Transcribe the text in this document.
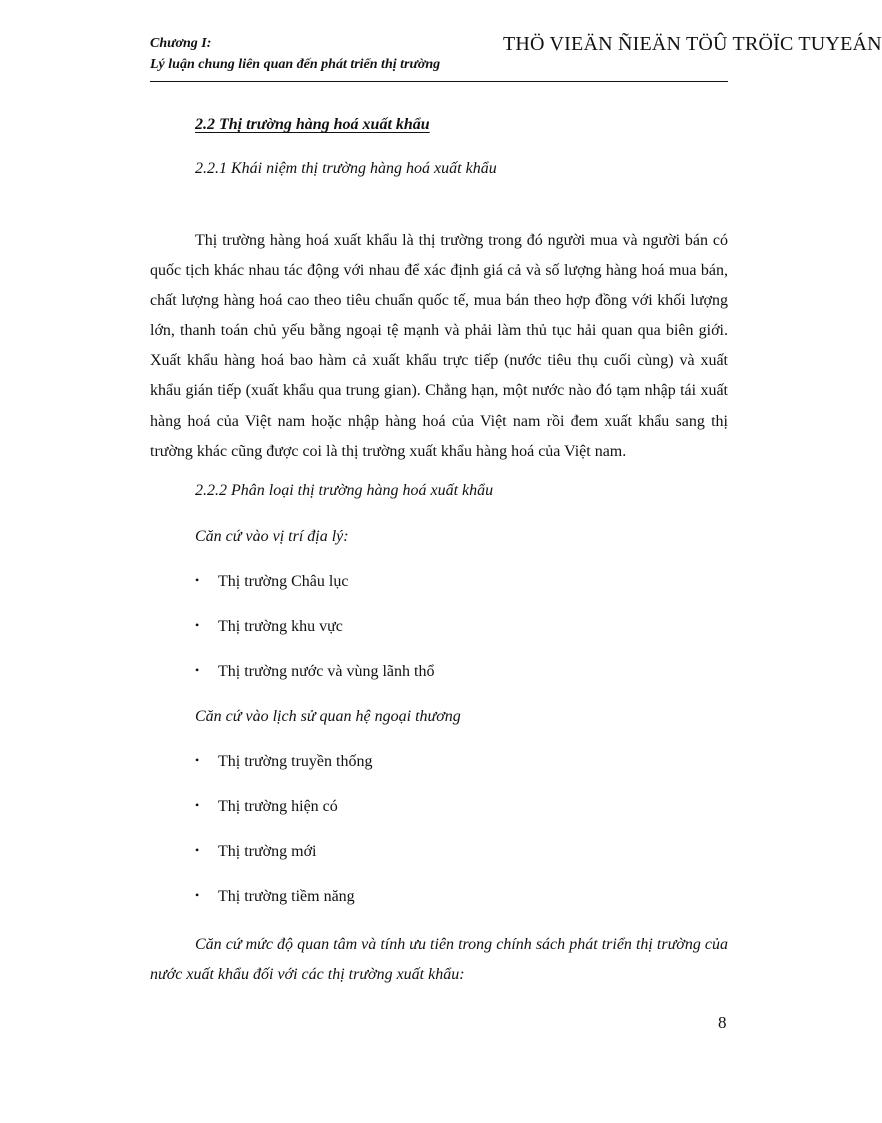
Chương I:
Lý luận chung liên quan đến phát triển thị trường
THÖ VIEÄN ÑIEÄN TÖÛ TRÖÏC TUYEÁN
2.2 Thị trường hàng hoá xuất khẩu
2.2.1 Khái niệm thị trường hàng hoá xuất khẩu

Thị trường hàng hoá xuất khẩu là thị trường trong đó người mua và người bán có quốc tịch khác nhau tác động với nhau để xác định giá cả và số lượng hàng hoá mua bán, chất lượng hàng hoá cao theo tiêu chuẩn quốc tế, mua bán theo hợp đồng với khối lượng lớn, thanh toán chủ yếu bằng ngoại tệ mạnh và phải làm thủ tục hải quan qua biên giới. Xuất khẩu hàng hoá bao hàm cả xuất khẩu trực tiếp (nước tiêu thụ cuối cùng) và xuất khẩu gián tiếp (xuất khẩu qua trung gian). Chẳng hạn, một nước nào đó tạm nhập tái xuất hàng hoá của Việt nam hoặc nhập hàng hoá của Việt nam rồi đem xuất khẩu sang thị trường khác cũng được coi là thị trường xuất khẩu hàng hoá của Việt nam.

2.2.2 Phân loại thị trường hàng hoá xuất khẩu
Căn cứ vào vị trí địa lý:
• Thị trường Châu lục
• Thị trường khu vực
• Thị trường nước và vùng lãnh thổ
Căn cứ vào lịch sử quan hệ ngoại thương
• Thị trường truyền thống
• Thị trường hiện có
• Thị trường mới
• Thị trường tiềm năng

Căn cứ mức độ quan tâm và tính ưu tiên trong chính sách phát triển thị trường của nước xuất khẩu đối với các thị trường xuất khẩu:

8
